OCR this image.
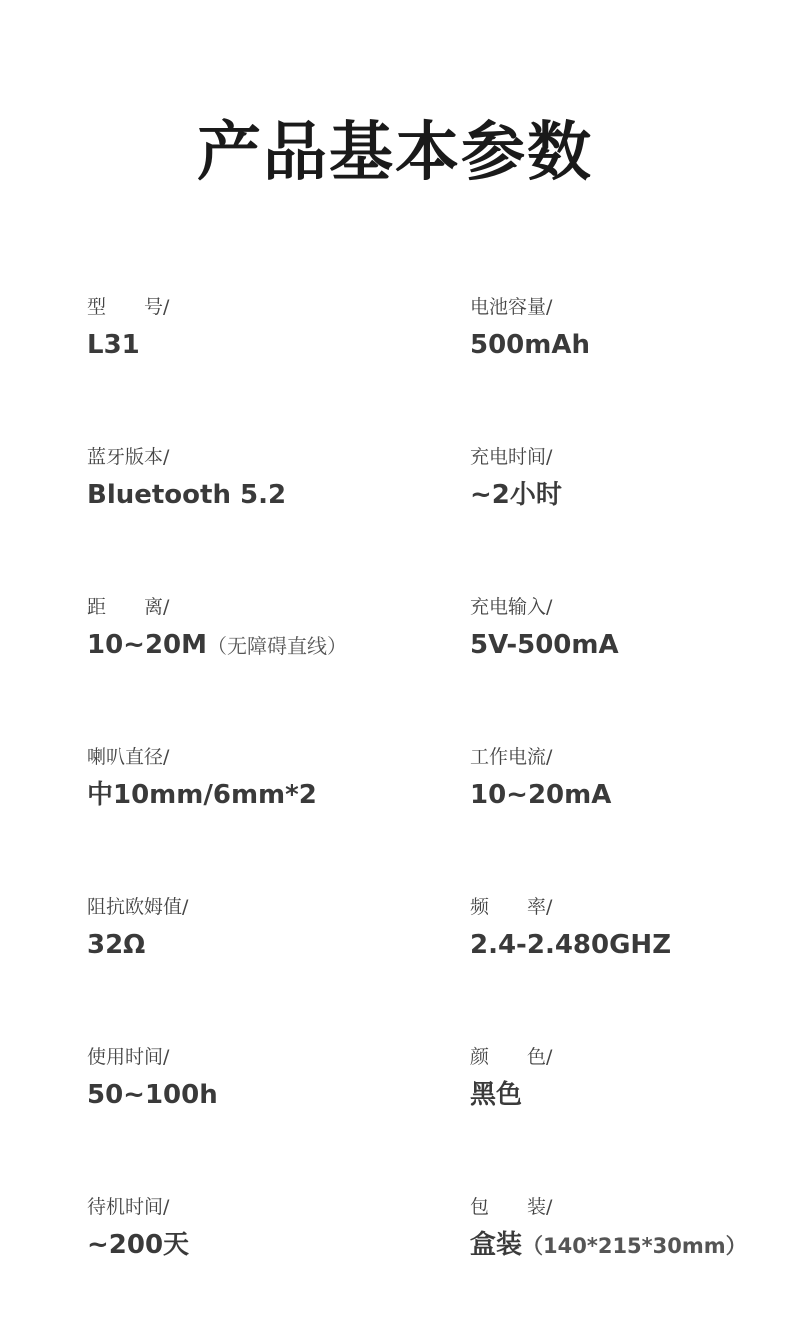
产品基本参数
型　　号/
L31
蓝牙版本/
Bluetooth 5.2
距　　离/
10~20M（无障碍直线）
喇叭直径/
中10mm/6mm*2
阻抗欧姆值/
32Ω
使用时间/
50~100h
待机时间/
~200天
电池容量/
500mAh
充电时间/
~2小时
充电输入/
5V-500mA
工作电流/
10~20mA
频　　率/
2.4-2.480GHZ
颜　　色/
黑色
包　　装/
盒装（140*215*30mm）
